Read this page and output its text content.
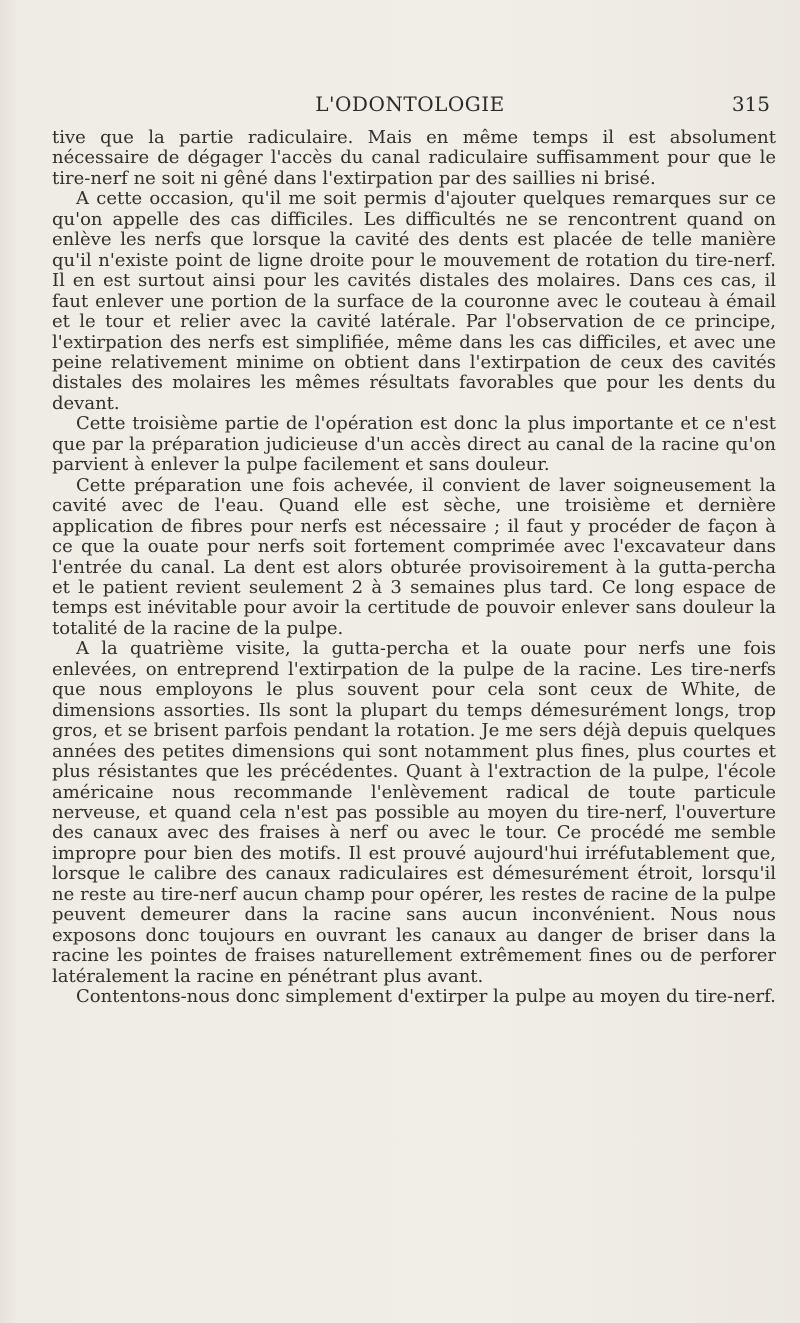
L'ODONTOLOGIE	315

tive que la partie radiculaire. Mais en même temps il est absolument nécessaire de dégager l'accès du canal radiculaire suffisamment pour que le tire-nerf ne soit ni gêné dans l'extirpation par des saillies ni brisé.

A cette occasion, qu'il me soit permis d'ajouter quelques remarques sur ce qu'on appelle des cas difficiles. Les difficultés ne se rencontrent quand on enlève les nerfs que lorsque la cavité des dents est placée de telle manière qu'il n'existe point de ligne droite pour le mouvement de rotation du tire-nerf. Il en est surtout ainsi pour les cavités distales des molaires. Dans ces cas, il faut enlever une portion de la surface de la couronne avec le couteau à émail et le tour et relier avec la cavité latérale. Par l'observation de ce principe, l'extirpation des nerfs est simplifiée, même dans les cas difficiles, et avec une peine relativement minime on obtient dans l'extirpation de ceux des cavités distales des molaires les mêmes résultats favorables que pour les dents du devant.

Cette troisième partie de l'opération est donc la plus importante et ce n'est que par la préparation judicieuse d'un accès direct au canal de la racine qu'on parvient à enlever la pulpe facilement et sans douleur.

Cette préparation une fois achevée, il convient de laver soigneusement la cavité avec de l'eau. Quand elle est sèche, une troisième et dernière application de fibres pour nerfs est nécessaire ; il faut y procéder de façon à ce que la ouate pour nerfs soit fortement comprimée avec l'excavateur dans l'entrée du canal. La dent est alors obturée provisoirement à la gutta-percha et le patient revient seulement 2 à 3 semaines plus tard. Ce long espace de temps est inévitable pour avoir la certitude de pouvoir enlever sans douleur la totalité de la racine de la pulpe.

A la quatrième visite, la gutta-percha et la ouate pour nerfs une fois enlevées, on entreprend l'extirpation de la pulpe de la racine. Les tire-nerfs que nous employons le plus souvent pour cela sont ceux de White, de dimensions assorties. Ils sont la plupart du temps démesurément longs, trop gros, et se brisent parfois pendant la rotation. Je me sers déjà depuis quelques années des petites dimensions qui sont notamment plus fines, plus courtes et plus résistantes que les précédentes. Quant à l'extraction de la pulpe, l'école américaine nous recommande l'enlèvement radical de toute particule nerveuse, et quand cela n'est pas possible au moyen du tire-nerf, l'ouverture des canaux avec des fraises à nerf ou avec le tour. Ce procédé me semble impropre pour bien des motifs. Il est prouvé aujourd'hui irréfutablement que, lorsque le calibre des canaux radiculaires est démesurément étroit, lorsqu'il ne reste au tire-nerf aucun champ pour opérer, les restes de racine de la pulpe peuvent demeurer dans la racine sans aucun inconvénient. Nous nous exposons donc toujours en ouvrant les canaux au danger de briser dans la racine les pointes de fraises naturellement extrêmement fines ou de perforer latéralement la racine en pénétrant plus avant.

Contentons-nous donc simplement d'extirper la pulpe au moyen du tire-nerf.
